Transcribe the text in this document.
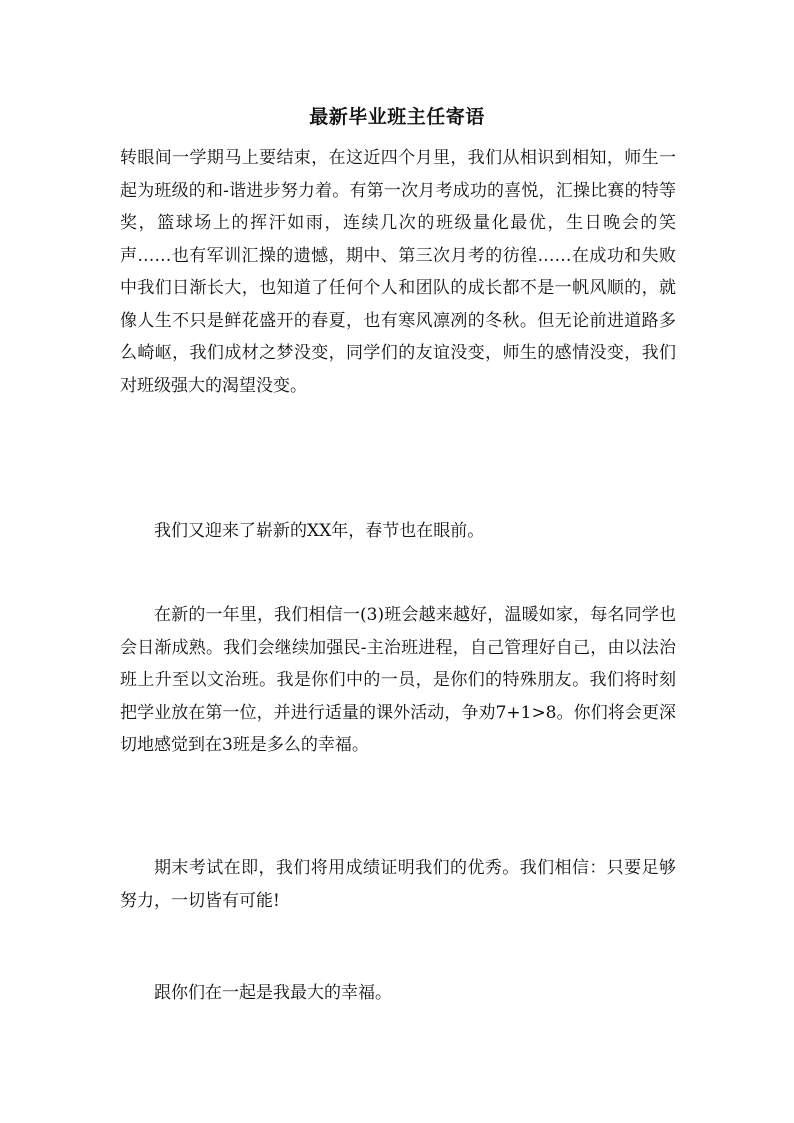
最新毕业班主任寄语

转眼间一学期马上要结束，在这近四个月里，我们从相识到相知，师生一起为班级的和-谐进步努力着。有第一次月考成功的喜悦，汇操比赛的特等奖，篮球场上的挥汗如雨，连续几次的班级量化最优，生日晚会的笑声……也有军训汇操的遗憾，期中、第三次月考的彷徨……在成功和失败中我们日渐长大，也知道了任何个人和团队的成长都不是一帆风顺的，就像人生不只是鲜花盛开的春夏，也有寒风凛冽的冬秋。但无论前进道路多么崎岖，我们成材之梦没变，同学们的友谊没变，师生的感情没变，我们对班级强大的渴望没变。

我们又迎来了崭新的XX年，春节也在眼前。

在新的一年里，我们相信一(3)班会越来越好，温暖如家，每名同学也会日渐成熟。我们会继续加强民-主治班进程，自己管理好自己，由以法治班上升至以文治班。我是你们中的一员，是你们的特殊朋友。我们将时刻把学业放在第一位，并进行适量的课外活动，争劝7+1>8。你们将会更深切地感觉到在3班是多么的幸福。

期末考试在即，我们将用成绩证明我们的优秀。我们相信：只要足够努力，一切皆有可能!

跟你们在一起是我最大的幸福。
